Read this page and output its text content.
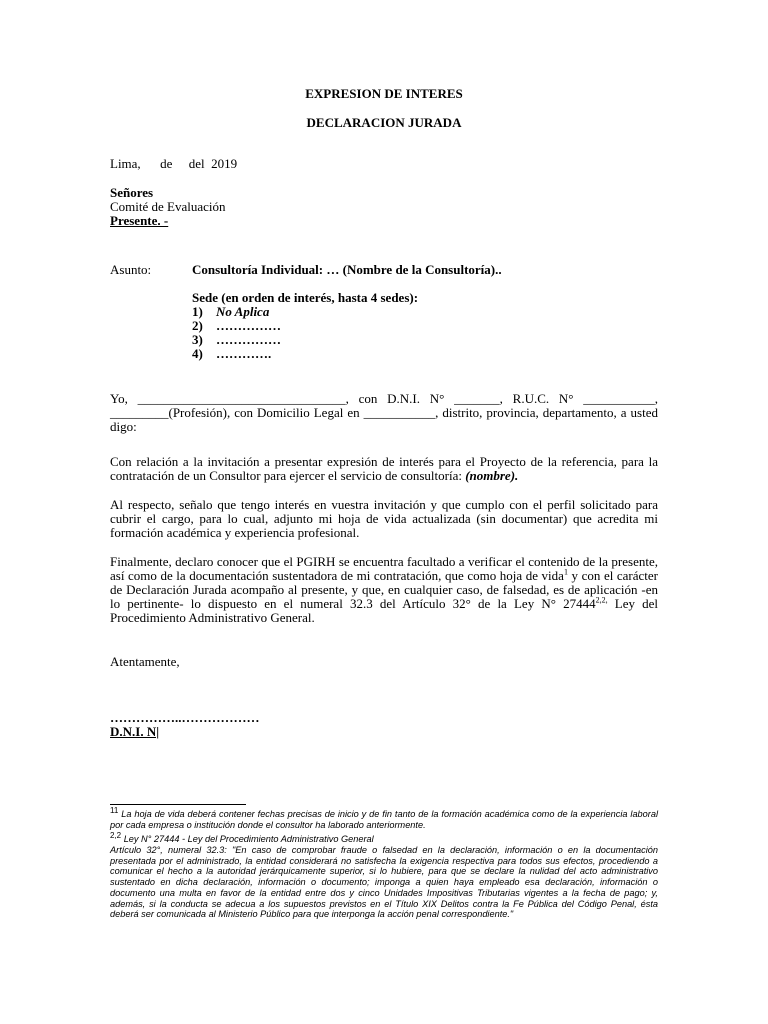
EXPRESION DE INTERES
DECLARACION JURADA
Lima,      de     del  2019
Señores
Comité de Evaluación
Presente. -
Asunto:	Consultoría Individual: … (Nombre de la Consultoría)..
Sede (en orden de interés, hasta 4 sedes):
1) No Aplica
2) ……………
3) ……………
4) ………….
Yo, ________________________________, con D.N.I. N° _______, R.U.C. N° ___________, _________(Profesión), con Domicilio Legal en ___________, distrito, provincia, departamento, a usted digo:
Con relación a la invitación a presentar expresión de interés para el Proyecto de la referencia, para la contratación de un Consultor para ejercer el servicio de consultoría: (nombre).
Al respecto, señalo que tengo interés en vuestra invitación y que cumplo con el perfil solicitado para cubrir el cargo, para lo cual, adjunto mi hoja de vida actualizada (sin documentar) que acredita mi formación académica y experiencia profesional.
Finalmente, declaro conocer que el PGIRH se encuentra facultado a verificar el contenido de la presente, así como de la documentación sustentadora de mi contratación, que como hoja de vida$^1$ y con el carácter de Declaración Jurada acompaño al presente, y que, en cualquier caso, de falsedad, es de aplicación -en lo pertinente- lo dispuesto en el numeral 32.3 del Artículo 32° de la Ley N° $27444^{2,2,}$ Ley del Procedimiento Administrativo General.
Atentamente,
……………..………………
D.N.I. N|
11 La hoja de vida deberá contener fechas precisas de inicio y de fin tanto de la formación académica como de la experiencia laboral por cada empresa o institución donde el consultor ha laborado anteriormente.
2,2 Ley N° 27444 - Ley del Procedimiento Administrativo General
Artículo 32°, numeral 32.3: "En caso de comprobar fraude o falsedad en la declaración, información o en la documentación presentada por el administrado, la entidad considerará no satisfecha la exigencia respectiva para todos sus efectos, procediendo a comunicar el hecho a la autoridad jerárquicamente superior, si lo hubiere, para que se declare la nulidad del acto administrativo sustentado en dicha declaración, información o documento; imponga a quien haya empleado esa declaración, información o documento una multa en favor de la entidad entre dos y cinco Unidades Impositivas Tributarias vigentes a la fecha de pago; y, además, si la conducta se adecua a los supuestos previstos en el Título XIX Delitos contra la Fe Pública del Código Penal, ésta deberá ser comunicada al Ministerio Público para que interponga la acción penal correspondiente."
